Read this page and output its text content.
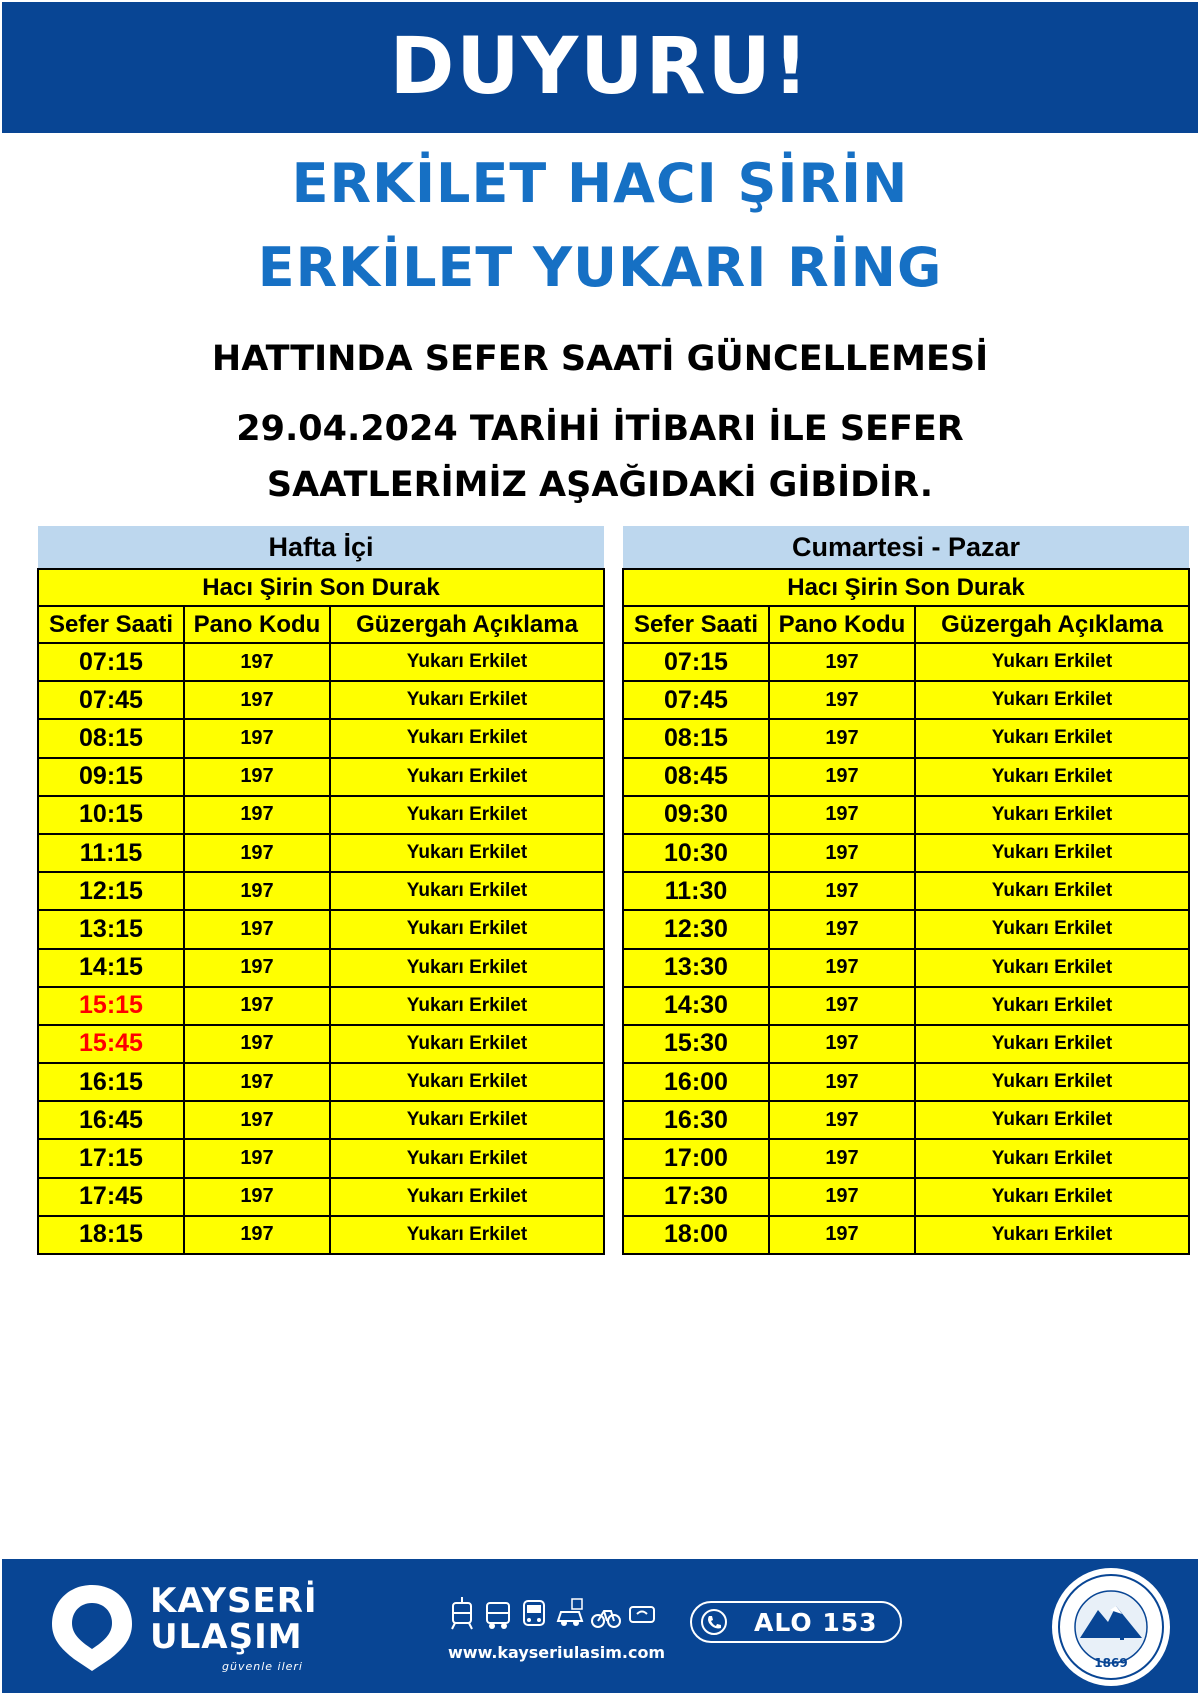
DUYURU!
ERKİLET HACI ŞİRİN
ERKİLET YUKARI RİNG
HATTINDA SEFER SAATİ GÜNCELLEMESİ
29.04.2024 TARİHİ İTİBARI İLE SEFER
SAATLERİMİZ AŞAĞIDAKİ GİBİDİR.
Hafta İçi		
Hacı Şirin Son Durak		
Sefer Saati	Pano Kodu	Güzergah Açıklama
07:15	197	Yukarı Erkilet
07:45	197	Yukarı Erkilet
08:15	197	Yukarı Erkilet
09:15	197	Yukarı Erkilet
10:15	197	Yukarı Erkilet
11:15	197	Yukarı Erkilet
12:15	197	Yukarı Erkilet
13:15	197	Yukarı Erkilet
14:15	197	Yukarı Erkilet
15:15	197	Yukarı Erkilet
15:45	197	Yukarı Erkilet
16:15	197	Yukarı Erkilet
16:45	197	Yukarı Erkilet
17:15	197	Yukarı Erkilet
17:45	197	Yukarı Erkilet
18:15	197	Yukarı Erkilet
Cumartesi - Pazar		
Hacı Şirin Son Durak		
Sefer Saati	Pano Kodu	Güzergah Açıklama
07:15	197	Yukarı Erkilet
07:45	197	Yukarı Erkilet
08:15	197	Yukarı Erkilet
08:45	197	Yukarı Erkilet
09:30	197	Yukarı Erkilet
10:30	197	Yukarı Erkilet
11:30	197	Yukarı Erkilet
12:30	197	Yukarı Erkilet
13:30	197	Yukarı Erkilet
14:30	197	Yukarı Erkilet
15:30	197	Yukarı Erkilet
16:00	197	Yukarı Erkilet
16:30	197	Yukarı Erkilet
17:00	197	Yukarı Erkilet
17:30	197	Yukarı Erkilet
18:00	197	Yukarı Erkilet
KAYSERİ
ULAŞIM
güvenle ileri
www.kayseriulasim.com
ALO 153
1869
